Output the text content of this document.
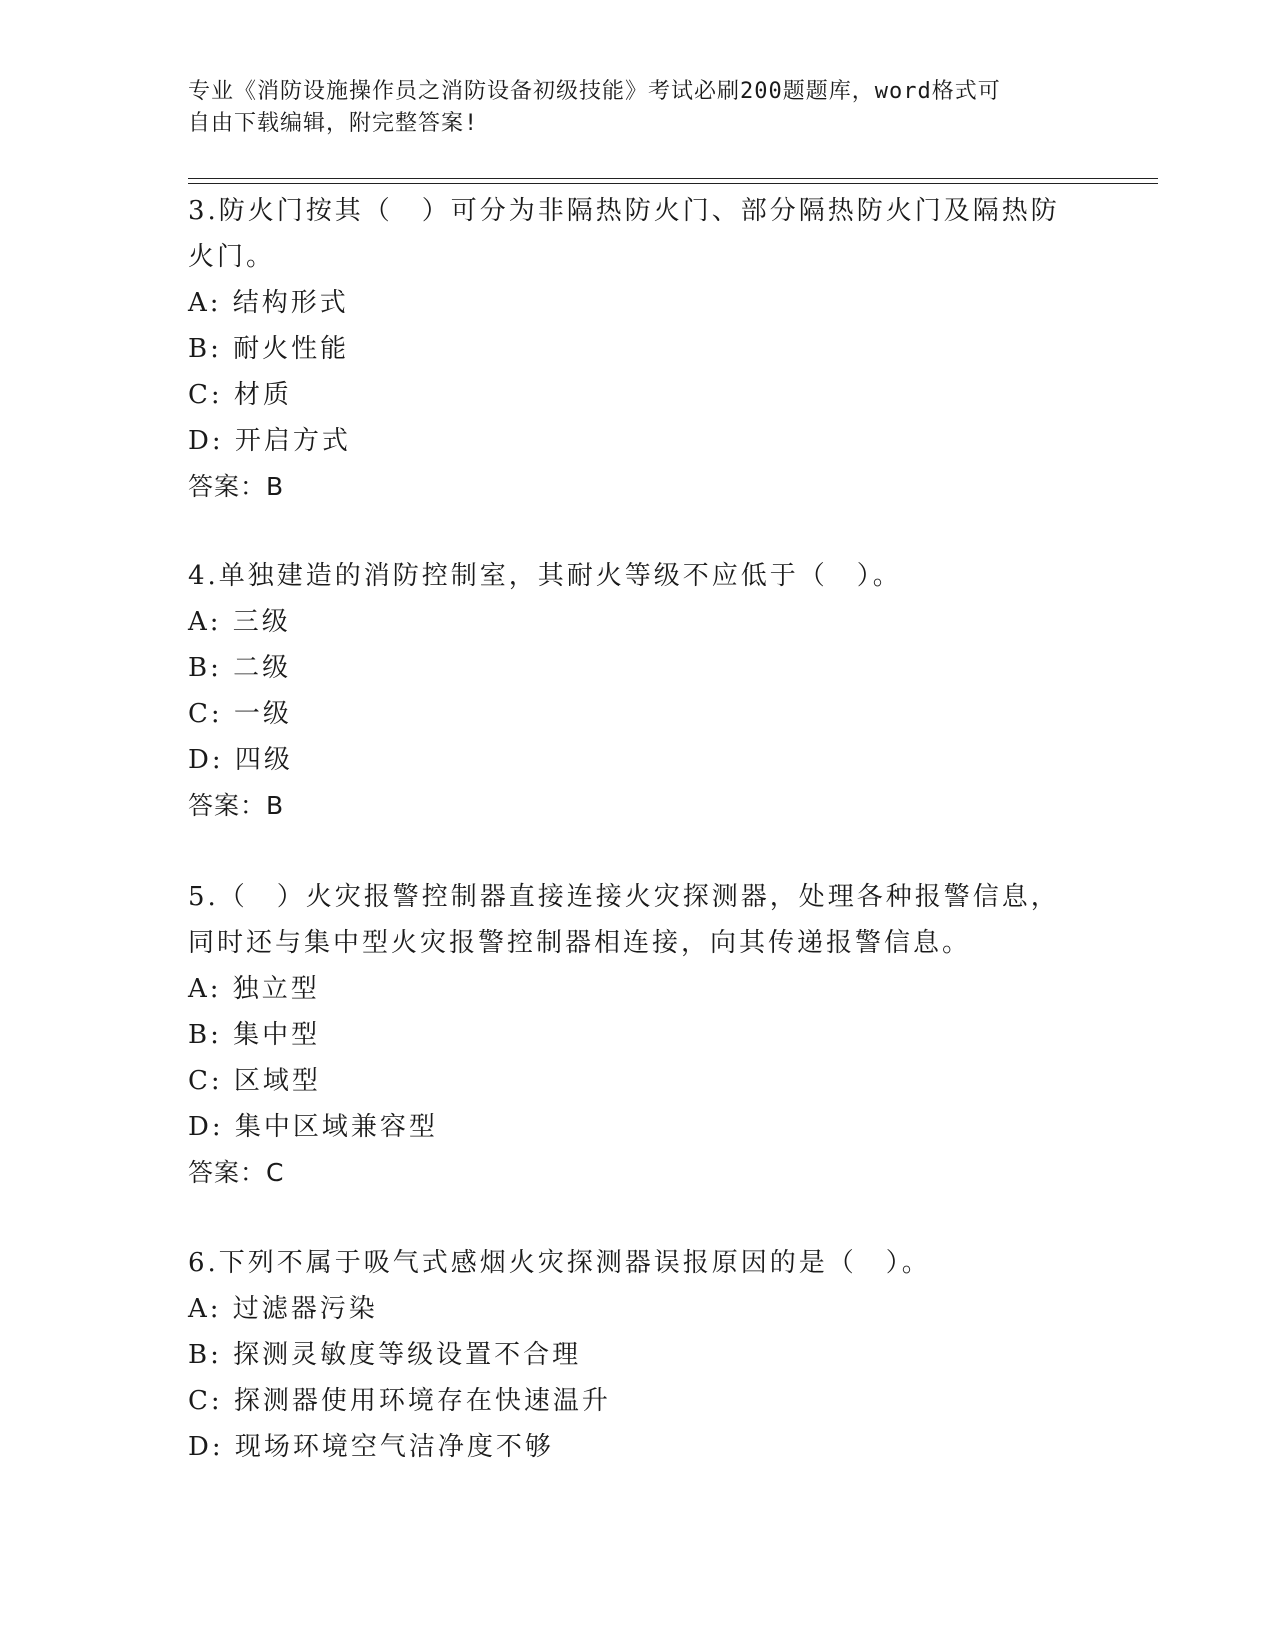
专业《消防设施操作员之消防设备初级技能》考试必刷200题题库，word格式可
自由下载编辑，附完整答案!
3.防火门按其（　）可分为非隔热防火门、部分隔热防火门及隔热防
火门。
A: 结构形式
B: 耐火性能
C: 材质
D: 开启方式
答案：B
4.单独建造的消防控制室，其耐火等级不应低于（　）。
A: 三级
B: 二级
C: 一级
D: 四级
答案：B
5.（　）火灾报警控制器直接连接火灾探测器，处理各种报警信息，
同时还与集中型火灾报警控制器相连接，向其传递报警信息。
A: 独立型
B: 集中型
C: 区域型
D: 集中区域兼容型
答案：C
6.下列不属于吸气式感烟火灾探测器误报原因的是（　）。
A: 过滤器污染
B: 探测灵敏度等级设置不合理
C: 探测器使用环境存在快速温升
D: 现场环境空气洁净度不够
